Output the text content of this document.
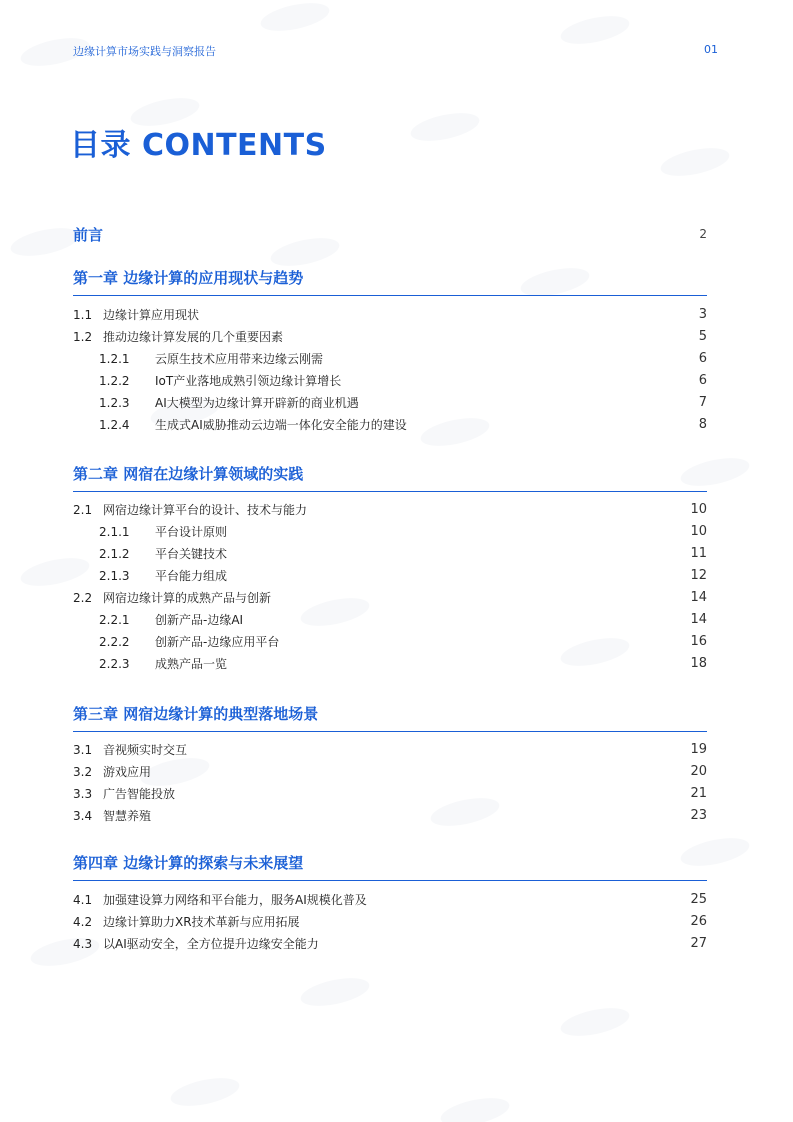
边缘计算市场实践与洞察报告	01
目录 CONTENTS
前言	2
第一章 边缘计算的应用现状与趋势
1.1 边缘计算应用现状	3
1.2 推动边缘计算发展的几个重要因素	5
1.2.1 云原生技术应用带来边缘云刚需	6
1.2.2 IoT产业落地成熟引领边缘计算增长	6
1.2.3 AI大模型为边缘计算开辟新的商业机遇	7
1.2.4 生成式AI威胁推动云边端一体化安全能力的建设	8
第二章 网宿在边缘计算领域的实践
2.1 网宿边缘计算平台的设计、技术与能力	10
2.1.1 平台设计原则	10
2.1.2 平台关键技术	11
2.1.3 平台能力组成	12
2.2 网宿边缘计算的成熟产品与创新	14
2.2.1 创新产品-边缘AI	14
2.2.2 创新产品-边缘应用平台	16
2.2.3 成熟产品一览	18
第三章 网宿边缘计算的典型落地场景
3.1 音视频实时交互	19
3.2 游戏应用	20
3.3 广告智能投放	21
3.4 智慧养殖	23
第四章 边缘计算的探索与未来展望
4.1 加强建设算力网络和平台能力，服务AI规模化普及	25
4.2 边缘计算助力XR技术革新与应用拓展	26
4.3 以AI驱动安全，全方位提升边缘安全能力	27
